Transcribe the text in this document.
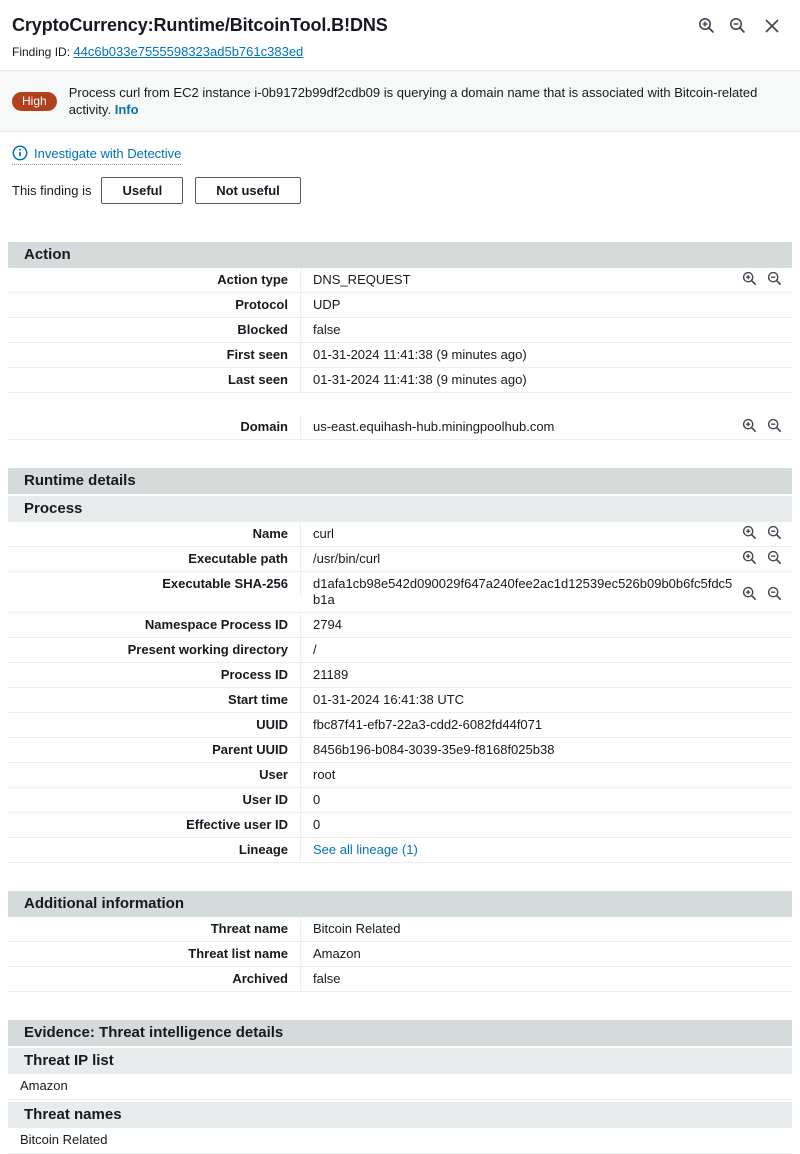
CryptoCurrency:Runtime/BitcoinTool.B!DNS
Finding ID: 44c6b033e7555598323ad5b761c383ed
High
Process curl from EC2 instance i-0b9172b99df2cdb09 is querying a domain name that is associated with Bitcoin-related activity. Info
Investigate with Detective
This finding is	Useful	Not useful
Action
Action type	DNS_REQUEST
Protocol	UDP
Blocked	false
First seen	01-31-2024 11:41:38 (9 minutes ago)
Last seen	01-31-2024 11:41:38 (9 minutes ago)
Domain	us-east.equihash-hub.miningpoolhub.com
Runtime details
Process
Name	curl
Executable path	/usr/bin/curl
Executable SHA-256	d1afa1cb98e542d090029f647a240fee2ac1d12539ec526b09b0b6fc5fdc5b1a
Namespace Process ID	2794
Present working directory	/
Process ID	21189
Start time	01-31-2024 16:41:38 UTC
UUID	fbc87f41-efb7-22a3-cdd2-6082fd44f071
Parent UUID	8456b196-b084-3039-35e9-f8168f025b38
User	root
User ID	0
Effective user ID	0
Lineage	See all lineage (1)
Additional information
Threat name	Bitcoin Related
Threat list name	Amazon
Archived	false
Evidence: Threat intelligence details
Threat IP list
Amazon
Threat names
Bitcoin Related
